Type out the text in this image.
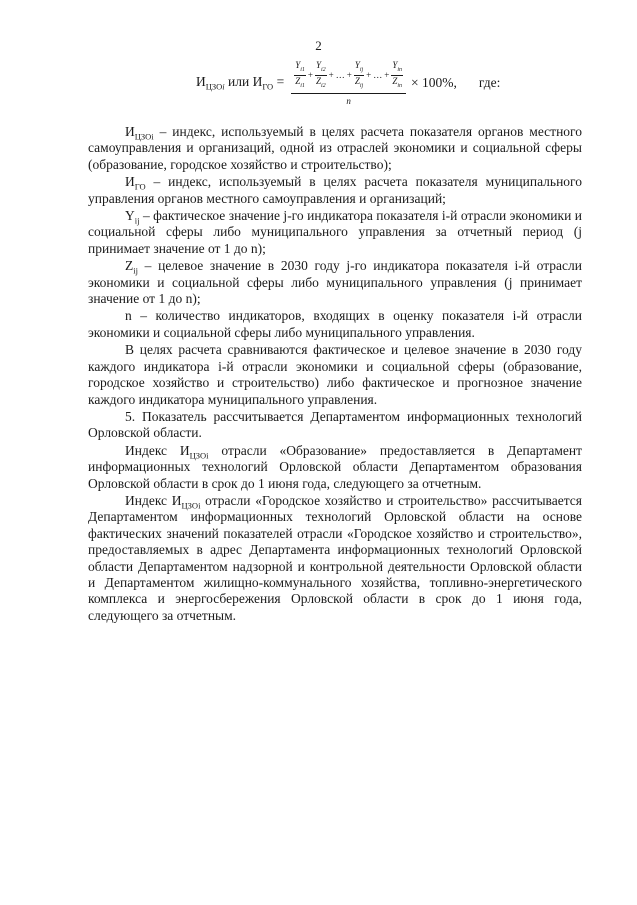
2
$И_{ЦЗОi}$ или $И_{ГО} = \frac{Y_{i1}}{Z_{i1}} + \frac{Y_{i2}}{Z_{i2}}$ + … + $\frac{Y_{ij}}{Z_{ij}}$ + … + $\frac{Y_{in}}{Z_{in}}$
n
× 100%, где:

$И_{ЦЗОi}$ – индекс, используемый в целях расчета показателя органов местного самоуправления и организаций, одной из отраслей экономики и социальной сферы (образование, городское хозяйство и строительство);

$И_{ГО}$ – индекс, используемый в целях расчета показателя муниципального управления органов местного самоуправления и организаций;

$Y_{ij}$ – фактическое значение j-го индикатора показателя i-й отрасли экономики и социальной сферы либо муниципального управления за отчетный период (j принимает значение от 1 до n);

$Z_{ij}$ – целевое значение в 2030 году j-го индикатора показателя i-й отрасли экономики и социальной сферы либо муниципального управления (j принимает значение от 1 до n);

n – количество индикаторов, входящих в оценку показателя i-й отрасли экономики и социальной сферы либо муниципального управления.

В целях расчета сравниваются фактическое и целевое значение в 2030 году каждого индикатора i-й отрасли экономики и социальной сферы (образование, городское хозяйство и строительство) либо фактическое и прогнозное значение каждого индикатора муниципального управления.

5. Показатель рассчитывается Департаментом информационных технологий Орловской области.

Индекс $И_{ЦЗОi}$ отрасли «Образование» предоставляется в Департамент информационных технологий Орловской области Департаментом образования Орловской области в срок до 1 июня года, следующего за отчетным.

Индекс $И_{ЦЗОi}$ отрасли «Городское хозяйство и строительство» рассчитывается Департаментом информационных технологий Орловской области на основе фактических значений показателей отрасли «Городское хозяйство и строительство», предоставляемых в адрес Департамента информационных технологий Орловской области Департаментом надзорной и контрольной деятельности Орловской области и Департаментом жилищно-коммунального хозяйства, топливно-энергетического комплекса и энергосбережения Орловской области в срок до 1 июня года, следующего за отчетным.
